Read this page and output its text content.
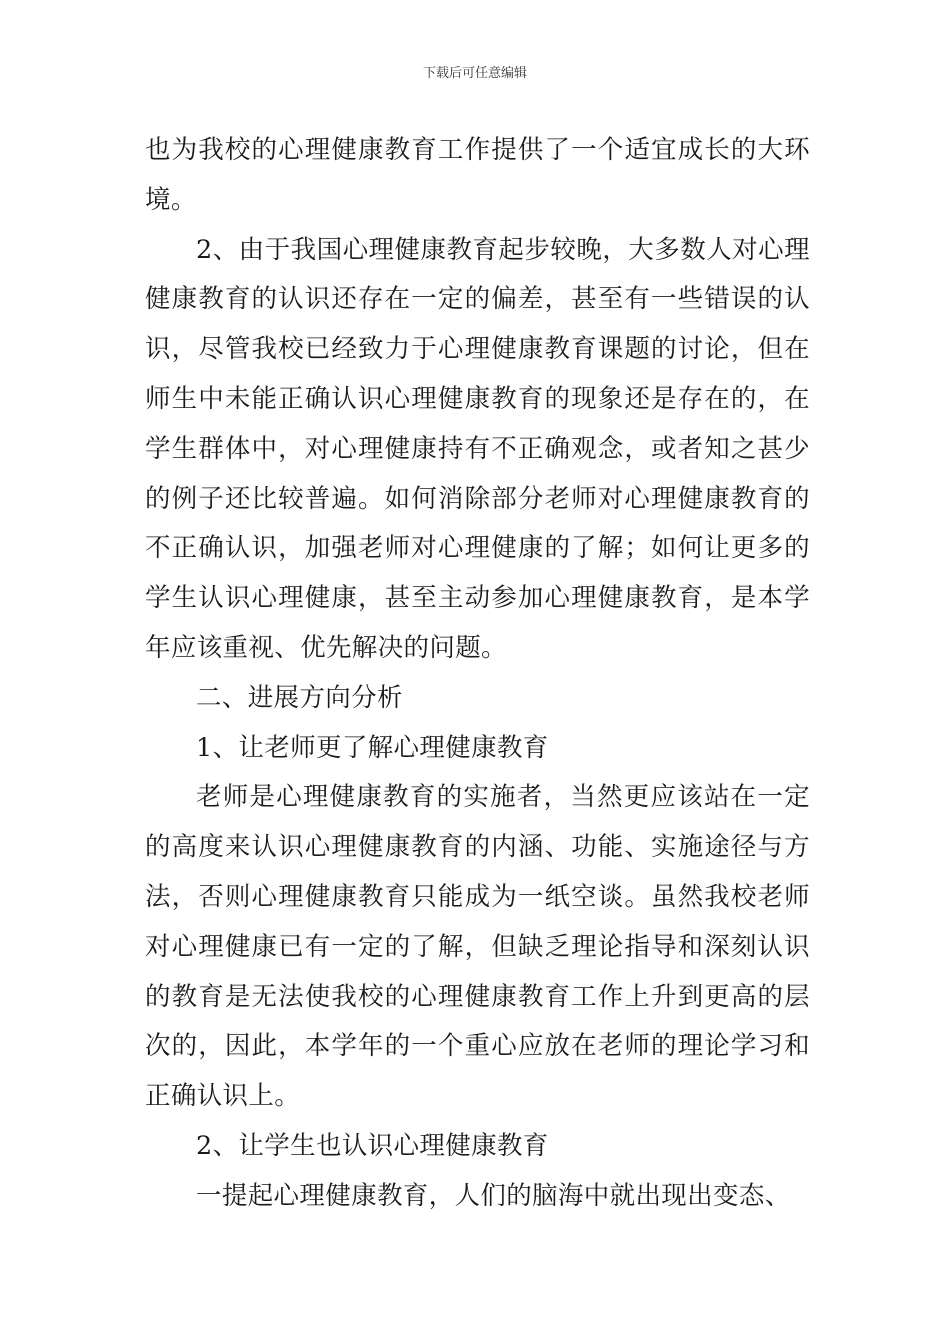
下载后可任意编辑

也为我校的心理健康教育工作提供了一个适宜成长的大环境。

2、由于我国心理健康教育起步较晚，大多数人对心理健康教育的认识还存在一定的偏差，甚至有一些错误的认识，尽管我校已经致力于心理健康教育课题的讨论，但在师生中未能正确认识心理健康教育的现象还是存在的，在学生群体中，对心理健康持有不正确观念，或者知之甚少的例子还比较普遍。如何消除部分老师对心理健康教育的不正确认识，加强老师对心理健康的了解；如何让更多的学生认识心理健康，甚至主动参加心理健康教育，是本学年应该重视、优先解决的问题。

二、进展方向分析

1、让老师更了解心理健康教育

老师是心理健康教育的实施者，当然更应该站在一定的高度来认识心理健康教育的内涵、功能、实施途径与方法，否则心理健康教育只能成为一纸空谈。虽然我校老师对心理健康已有一定的了解，但缺乏理论指导和深刻认识的教育是无法使我校的心理健康教育工作上升到更高的层次的，因此，本学年的一个重心应放在老师的理论学习和正确认识上。

2、让学生也认识心理健康教育

一提起心理健康教育，人们的脑海中就出现出变态、
